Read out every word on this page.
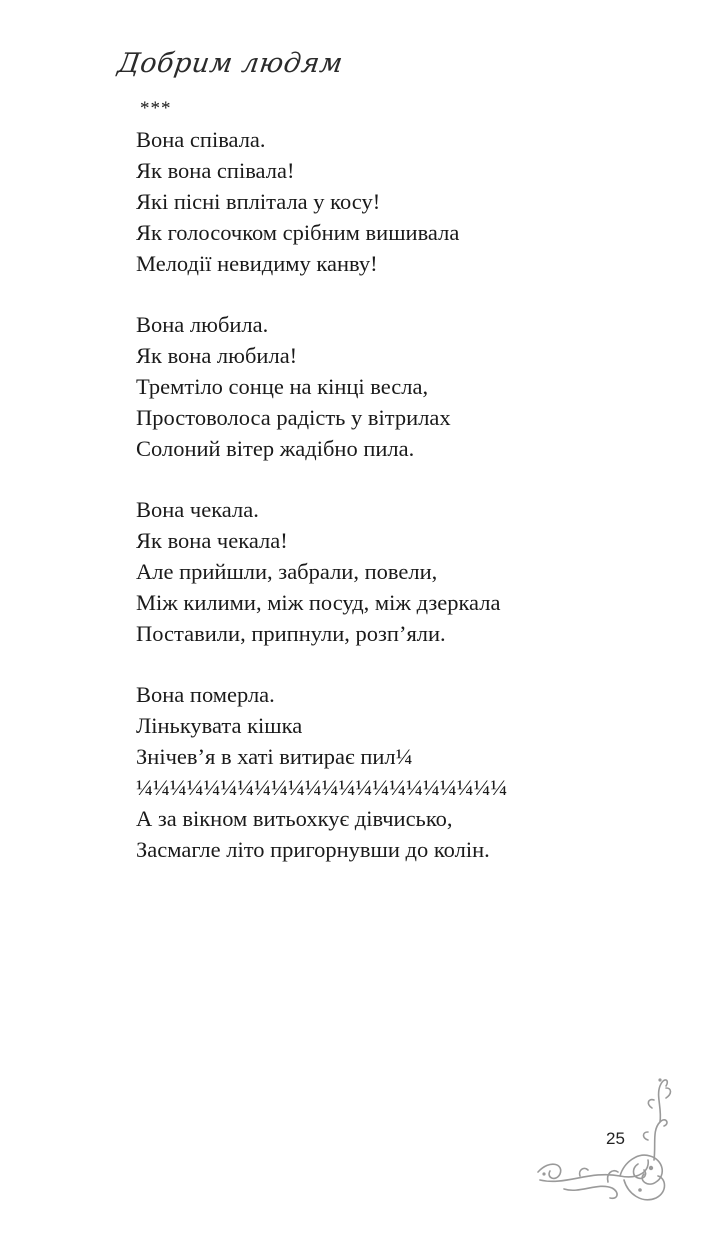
Добрим людям
***
Вона співала.
Як вона співала!
Які пісні вплітала у косу!
Як голосочком срібним вишивала
Мелодії невидиму канву!
Вона любила.
Як вона любила!
Тремтіло сонце на кінці весла,
Простоволоса радість у вітрилах
Солоний вітер жадібно пила.
Вона чекала.
Як вона чекала!
Але прийшли, забрали, повели,
Між килими, між посуд, між дзеркала
Поставили, припнули, розп’яли.
Вона померла.
Лінькувата кішка
Знічев’я в хаті витирає пил¼
¼¼¼¼¼¼¼¼¼¼¼¼¼¼¼¼¼¼¼¼¼¼
А за вікном витьохкує дівчисько,
Засмагле літо пригорнувши до колін.
25
